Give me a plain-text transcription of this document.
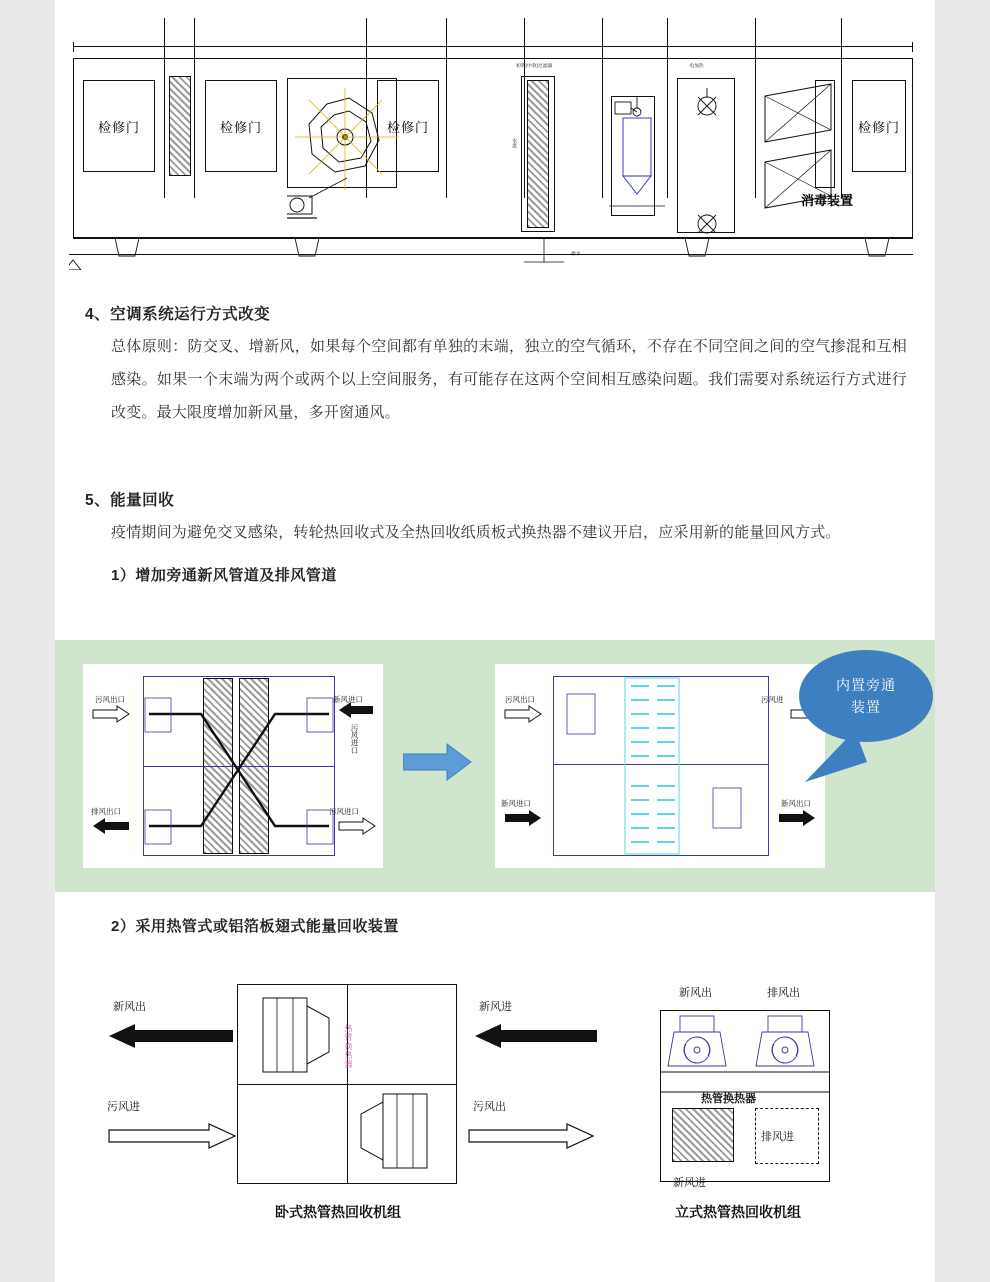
检修门	检修门	检修门	检修门
消毒装置
初效(中效)过滤器
水盘
电加热
排水
4、空调系统运行方式改变
总体原则：防交叉、增新风，如果每个空间都有单独的末端，独立的空气循环，不存在不同空间之间的空气掺混和互相感染。如果一个末端为两个或两个以上空间服务，有可能存在这两个空间相互感染问题。我们需要对系统运行方式进行改变。最大限度增加新风量，多开窗通风。
5、能量回收
疫情期间为避免交叉感染，转轮热回收式及全热回收纸质板式换热器不建议开启，应采用新的能量回风方式。
1）增加旁通新风管道及排风管道
污风出口	新风进口
排风出口	污风进口
污风进口
污风出口	污风进
新风进口	新风出口
内置旁通
装置
2）采用热管式或铝箔板翅式能量回收装置
热管换热器
新风出	新风进
污风进	污风出
卧式热管热回收机组
热管换热器
排风进
新风出	排风出
新风进
立式热管热回收机组
